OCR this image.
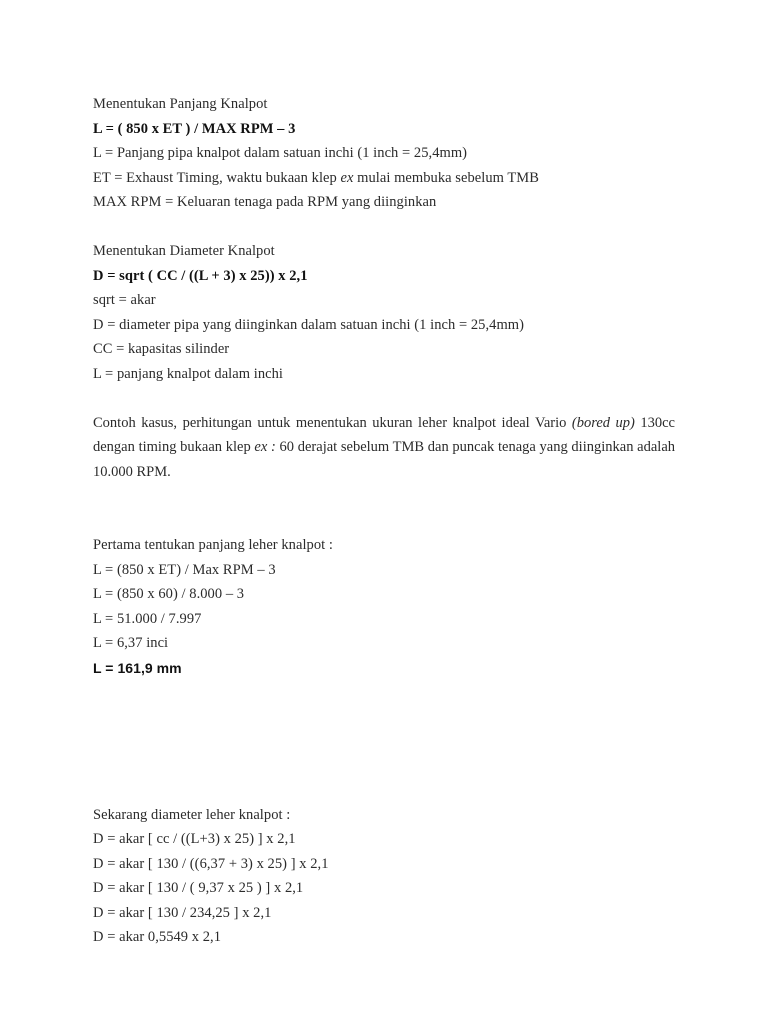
Menentukan Panjang Knalpot
L = ( 850 x ET ) / MAX RPM – 3
L = Panjang pipa knalpot dalam satuan inchi (1 inch = 25,4mm)
ET = Exhaust Timing, waktu bukaan klep ex mulai membuka sebelum TMB
MAX RPM = Keluaran tenaga pada RPM yang diinginkan
Menentukan Diameter Knalpot
D = sqrt ( CC / ((L + 3) x 25)) x 2,1
sqrt = akar
D = diameter pipa yang diinginkan dalam satuan inchi (1 inch = 25,4mm)
CC = kapasitas silinder
L = panjang knalpot dalam inchi
Contoh kasus, perhitungan untuk menentukan ukuran leher knalpot ideal Vario (bored up) 130cc dengan timing bukaan klep ex : 60 derajat sebelum TMB dan puncak tenaga yang diinginkan adalah 10.000 RPM.
Pertama tentukan panjang leher knalpot :
L = (850 x ET) / Max RPM – 3
L = (850 x 60) / 8.000 – 3
L = 51.000 / 7.997
L = 6,37 inci
L = 161,9 mm
Sekarang diameter leher knalpot :
D = akar [ cc / ((L+3) x 25) ] x 2,1
D = akar [ 130 / ((6,37 + 3) x 25) ] x 2,1
D = akar [ 130 / ( 9,37 x 25 ) ] x 2,1
D = akar [ 130 / 234,25 ] x 2,1
D = akar 0,5549 x 2,1
